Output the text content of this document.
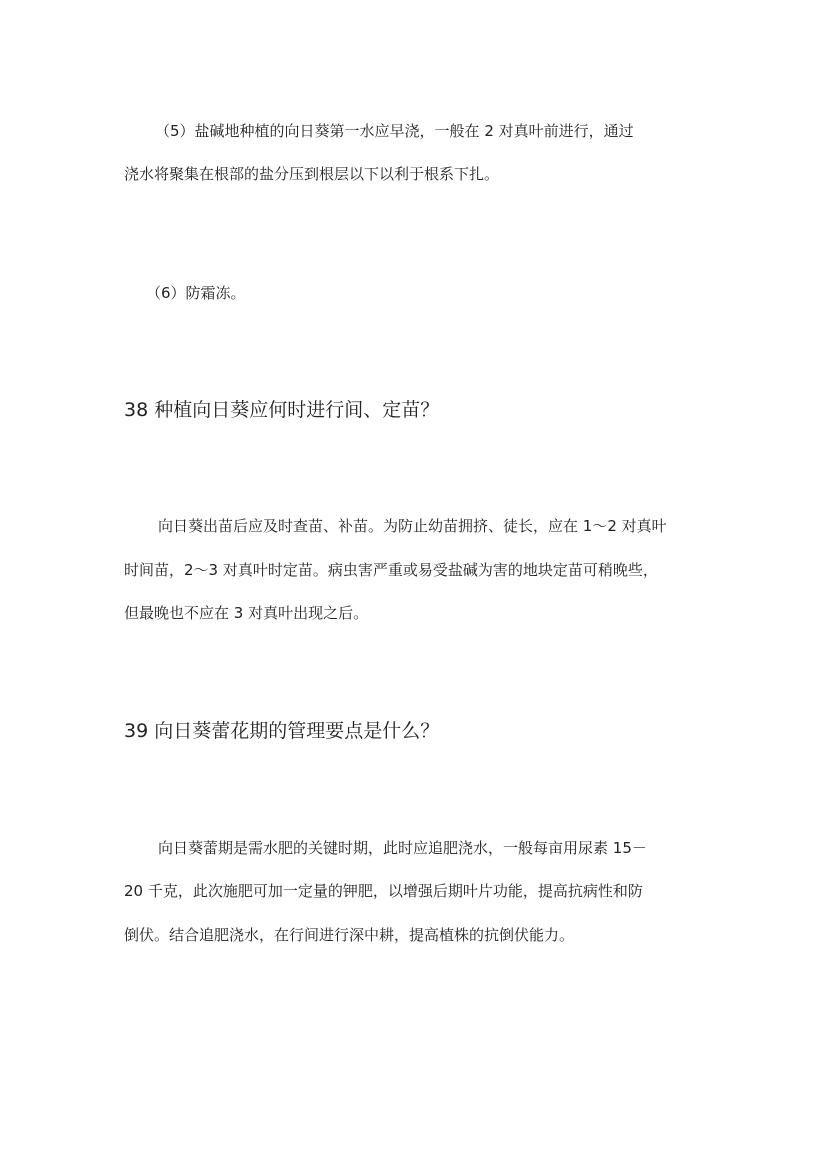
（5）盐碱地种植的向日葵第一水应早浇，一般在 2 对真叶前进行，通过
浇水将聚集在根部的盐分压到根层以下以利于根系下扎。
（6）防霜冻。
38 种植向日葵应何时进行间、定苗？
向日葵出苗后应及时查苗、补苗。为防止幼苗拥挤、徒长，应在 1～2 对真叶
时间苗，2～3 对真叶时定苗。病虫害严重或易受盐碱为害的地块定苗可稍晚些，
但最晚也不应在 3 对真叶出现之后。
39 向日葵蕾花期的管理要点是什么？
向日葵蕾期是需水肥的关键时期，此时应追肥浇水，一般每亩用尿素 15－
20 千克，此次施肥可加一定量的钾肥，以增强后期叶片功能，提高抗病性和防
倒伏。结合追肥浇水，在行间进行深中耕，提高植株的抗倒伏能力。
